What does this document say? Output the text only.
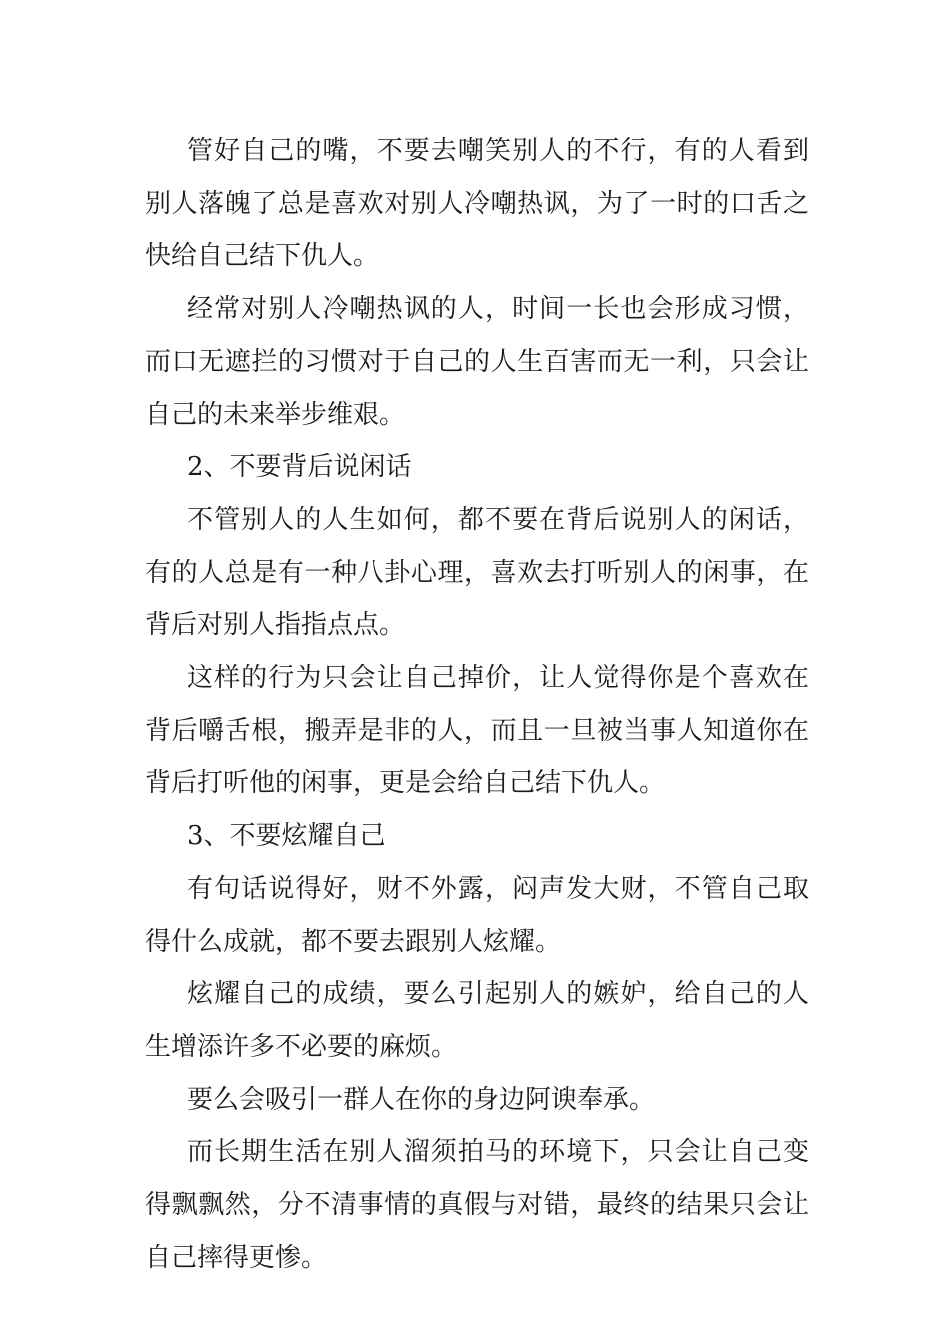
管好自己的嘴，不要去嘲笑别人的不行，有的人看到别人落魄了总是喜欢对别人冷嘲热讽，为了一时的口舌之快给自己结下仇人。

经常对别人冷嘲热讽的人，时间一长也会形成习惯，而口无遮拦的习惯对于自己的人生百害而无一利，只会让自己的未来举步维艰。

2、不要背后说闲话

不管别人的人生如何，都不要在背后说别人的闲话，有的人总是有一种八卦心理，喜欢去打听别人的闲事，在背后对别人指指点点。

这样的行为只会让自己掉价，让人觉得你是个喜欢在背后嚼舌根，搬弄是非的人，而且一旦被当事人知道你在背后打听他的闲事，更是会给自己结下仇人。

3、不要炫耀自己

有句话说得好，财不外露，闷声发大财，不管自己取得什么成就，都不要去跟别人炫耀。

炫耀自己的成绩，要么引起别人的嫉妒，给自己的人生增添许多不必要的麻烦。

要么会吸引一群人在你的身边阿谀奉承。

而长期生活在别人溜须拍马的环境下，只会让自己变得飘飘然，分不清事情的真假与对错，最终的结果只会让自己摔得更惨。
